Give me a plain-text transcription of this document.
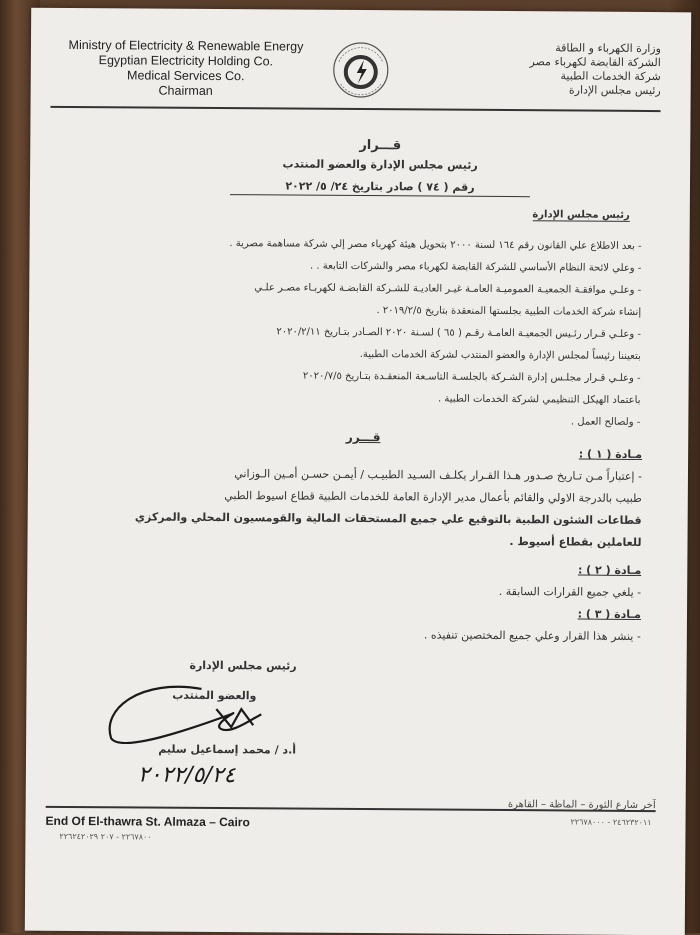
Ministry of Electricity & Renewable Energy
Egyptian Electricity Holding Co.
Medical Services Co.
Chairman
وزارة الكهرباء و الطاقة
الشركة القابضة لكهرباء مصر
شركة الخدمات الطبية
رئيس مجلس الإدارة
قـــرار
رئيس مجلس الإدارة والعضو المنتدب
رقم ( ٧٤ ) صادر بتاريخ ٢٤/ ٥/ ٢٠٢٢
رئيس مجلس الإدارة
- بعد الاطلاع علي القانون رقم ١٦٤ لسنة ٢٠٠٠ بتحويل هيئة كهرباء مصر إلي شركة مساهمة مصرية .
- وعلي لائحة النظام الأساسي للشركة القابضة لكهرباء مصر والشركات التابعة . .
- وعلـي موافقـة الجمعيـة العموميـة العامـة غيـر العاديـة للشـركة القابضـة لكهربـاء مصـر علـي
إنشاء شركة الخدمات الطبية بجلستها المنعقدة بتاريخ ٢٠١٩/٢/٥ .
- وعلـي قـرار رئـيس الجمعيـة العامـة رقـم ( ٦٥ ) لسـنة ٢٠٢٠ الصـادر بتـاريخ ٢٠٢٠/٢/١١
بتعيننا رئيساً لمجلس الإدارة والعضو المنتدب لشركة الخدمات الطبية.
- وعلـي قـرار مجلـس إدارة الشـركة بالجلسـة التاسـعة المنعقـدة بتـاريخ ٢٠٢٠/٧/٥
باعتماد الهيكل التنظيمي لشركة الخدمات الطبية .
- ولصالح العمل .
قـــرر
مـادة ( ١ ) :
- إعتباراً مـن تـاريخ صـدور هـذا القـرار يكلـف السـيد الطبيـب / أيمـن حسـن أمـين الـوزاني
طبيب بالدرجة الاولي والقائم بأعمال مدير الإدارة العامة للخدمات الطبية قطاع اسيوط الطبي
قطاعات الشئون الطبية بالتوقيع علي جميع المستحقات المالية والقومسيون المحلي والمركزي
للعاملين بقطاع أسيوط .
مـادة ( ٢ ) :
- يلغي جميع القرارات السابقة .
مـادة ( ٣ ) :
- ينشر هذا القرار وعلي جميع المختصين تنفيذه .
رئيس مجلس الإدارة
والعضو المنتدب
أ.د / محمد إسماعيل سليم
٢٠٢٢/٥/٢٤
End Of El-thawra St. Almaza – Cairo
آخر شارع الثورة – الماظة – القاهرة
٢٢٦٧٨٠٠ - ٢٠٧ ٢٢٦٢٤٢٠٢٩
٢٤٦٢٣٢٠١١ - ٢٢٦٧٨٠٠٠
